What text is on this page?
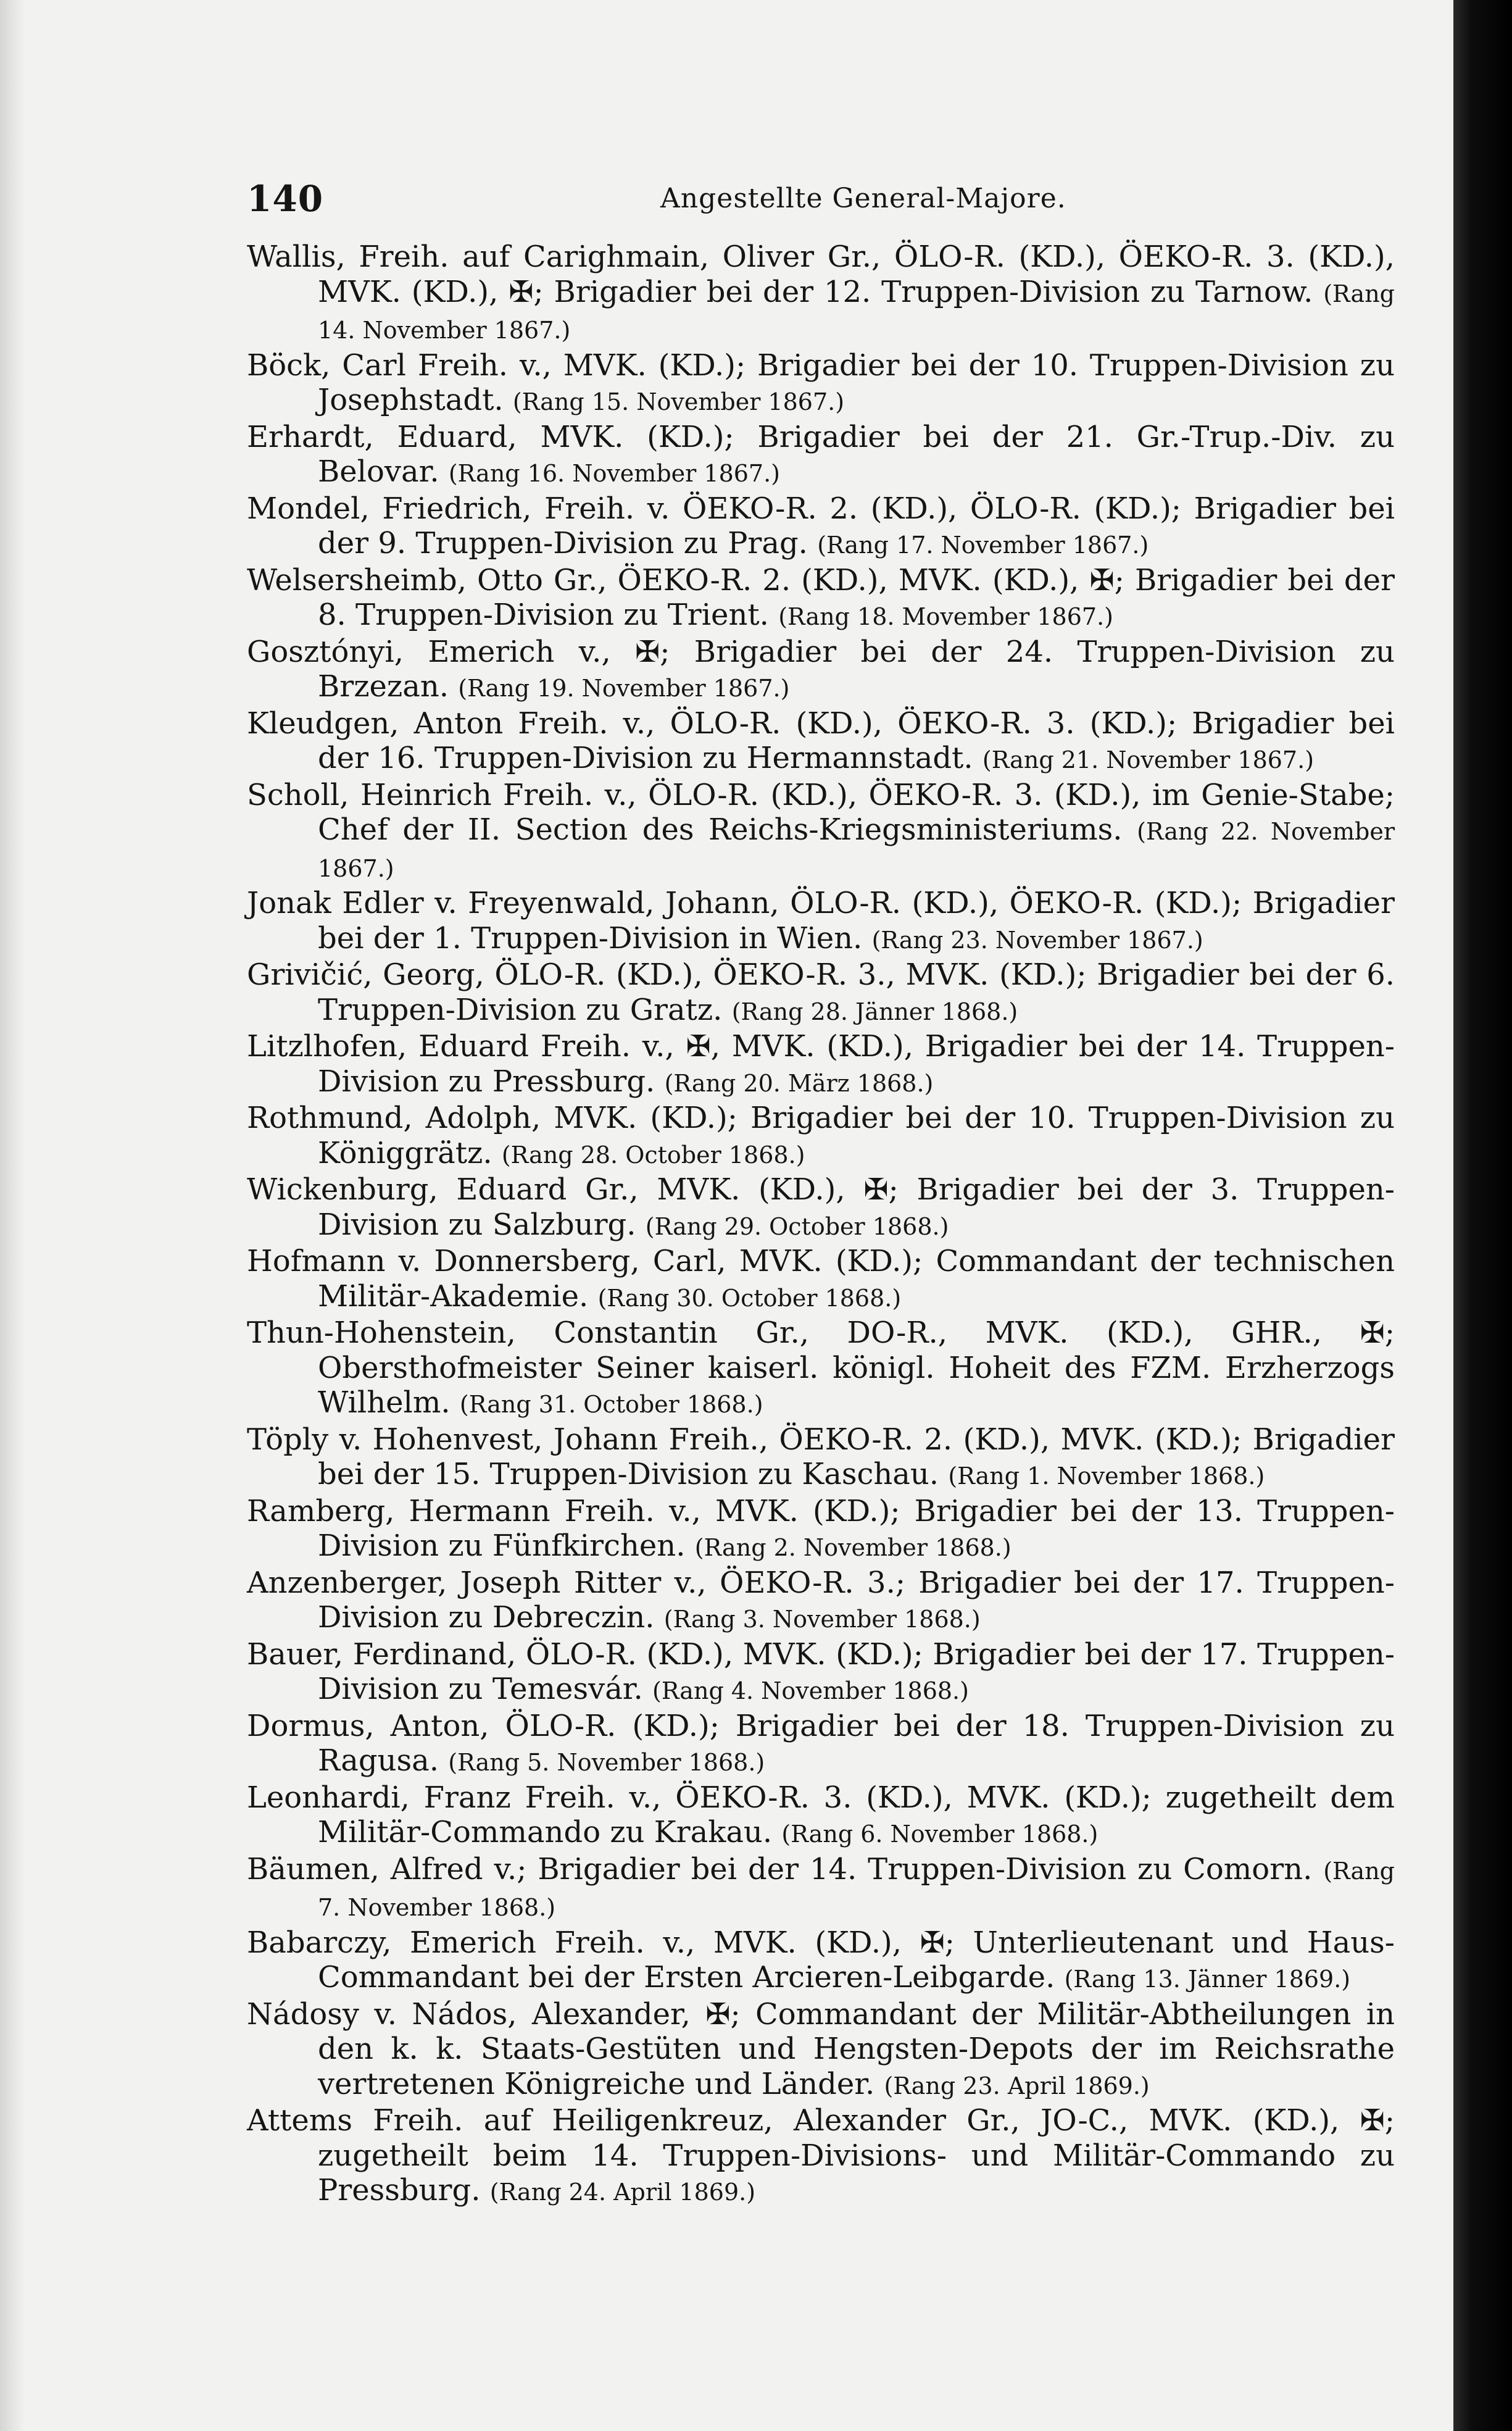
140	Angestellte General-Majore.

Wallis, Freih. auf Carighmain, Oliver Gr., ÖLO-R. (KD.), ÖEKO-R. 3. (KD.), MVK. (KD.), ✠; Brigadier bei der 12. Truppen-Division zu Tarnow. (Rang 14. November 1867.)

Böck, Carl Freih. v., MVK. (KD.); Brigadier bei der 10. Truppen-Division zu Josephstadt. (Rang 15. November 1867.)

Erhardt, Eduard, MVK. (KD.); Brigadier bei der 21. Gr.-Trup.-Div. zu Belovar. (Rang 16. November 1867.)

Mondel, Friedrich, Freih. v. ÖEKO-R. 2. (KD.), ÖLO-R. (KD.); Brigadier bei der 9. Truppen-Division zu Prag. (Rang 17. November 1867.)

Welsersheimb, Otto Gr., ÖEKO-R. 2. (KD.), MVK. (KD.), ✠; Brigadier bei der 8. Truppen-Division zu Trient. (Rang 18. Movember 1867.)

Gosztónyi, Emerich v., ✠; Brigadier bei der 24. Truppen-Division zu Brzezan. (Rang 19. November 1867.)

Kleudgen, Anton Freih. v., ÖLO-R. (KD.), ÖEKO-R. 3. (KD.); Brigadier bei der 16. Truppen-Division zu Hermannstadt. (Rang 21. November 1867.)

Scholl, Heinrich Freih. v., ÖLO-R. (KD.), ÖEKO-R. 3. (KD.), im Genie-Stabe; Chef der II. Section des Reichs-Kriegsministeriums. (Rang 22. November 1867.)

Jonak Edler v. Freyenwald, Johann, ÖLO-R. (KD.), ÖEKO-R. (KD.); Brigadier bei der 1. Truppen-Division in Wien. (Rang 23. November 1867.)

Grivičić, Georg, ÖLO-R. (KD.), ÖEKO-R. 3., MVK. (KD.); Brigadier bei der 6. Truppen-Division zu Gratz. (Rang 28. Jänner 1868.)

Litzlhofen, Eduard Freih. v., ✠, MVK. (KD.), Brigadier bei der 14. Truppen-Division zu Pressburg. (Rang 20. März 1868.)

Rothmund, Adolph, MVK. (KD.); Brigadier bei der 10. Truppen-Division zu Königgrätz. (Rang 28. October 1868.)

Wickenburg, Eduard Gr., MVK. (KD.), ✠; Brigadier bei der 3. Truppen-Division zu Salzburg. (Rang 29. October 1868.)

Hofmann v. Donnersberg, Carl, MVK. (KD.); Commandant der technischen Militär-Akademie. (Rang 30. October 1868.)

Thun-Hohenstein, Constantin Gr., DO-R., MVK. (KD.), GHR., ✠; Obersthofmeister Seiner kaiserl. königl. Hoheit des FZM. Erzherzogs Wilhelm. (Rang 31. October 1868.)

Töply v. Hohenvest, Johann Freih., ÖEKO-R. 2. (KD.), MVK. (KD.); Brigadier bei der 15. Truppen-Division zu Kaschau. (Rang 1. November 1868.)

Ramberg, Hermann Freih. v., MVK. (KD.); Brigadier bei der 13. Truppen-Division zu Fünfkirchen. (Rang 2. November 1868.)

Anzenberger, Joseph Ritter v., ÖEKO-R. 3.; Brigadier bei der 17. Truppen-Division zu Debreczin. (Rang 3. November 1868.)

Bauer, Ferdinand, ÖLO-R. (KD.), MVK. (KD.); Brigadier bei der 17. Truppen-Division zu Temesvár. (Rang 4. November 1868.)

Dormus, Anton, ÖLO-R. (KD.); Brigadier bei der 18. Truppen-Division zu Ragusa. (Rang 5. November 1868.)

Leonhardi, Franz Freih. v., ÖEKO-R. 3. (KD.), MVK. (KD.); zugetheilt dem Militär-Commando zu Krakau. (Rang 6. November 1868.)

Bäumen, Alfred v.; Brigadier bei der 14. Truppen-Division zu Comorn. (Rang 7. November 1868.)

Babarczy, Emerich Freih. v., MVK. (KD.), ✠; Unterlieutenant und Haus-Commandant bei der Ersten Arcieren-Leibgarde. (Rang 13. Jänner 1869.)

Nádosy v. Nádos, Alexander, ✠; Commandant der Militär-Abtheilungen in den k. k. Staats-Gestüten und Hengsten-Depots der im Reichsrathe vertretenen Königreiche und Länder. (Rang 23. April 1869.)

Attems Freih. auf Heiligenkreuz, Alexander Gr., JO-C., MVK. (KD.), ✠; zugetheilt beim 14. Truppen-Divisions- und Militär-Commando zu Pressburg. (Rang 24. April 1869.)
